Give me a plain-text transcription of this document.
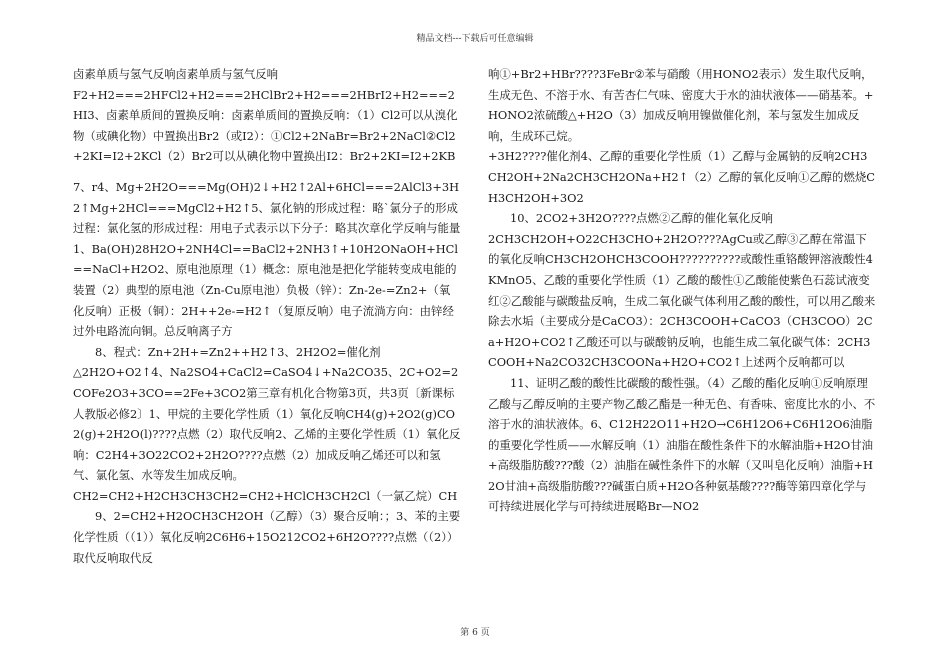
精品文档---下载后可任意编辑

卤素单质与氢气反响卤素单质与氢气反响

F2+H2===2HFCl2+H2===2HClBr2+H2===2HBrI2+H2===2HI3、卤素单质间的置换反响：卤素单质间的置换反响：（1）Cl2可以从溴化物（或碘化物）中置换出Br2（或I2）：①Cl2+2NaBr=Br2+2NaCl②Cl2+2KI=I2+2KCl（2）Br2可以从碘化物中置换出I2：Br2+2KI=I2+2KB

7、r4、Mg+2H2O===Mg(OH)2↓+H2↑2Al+6HCl===2AlCl3+3H2↑Mg+2HCl===MgCl2+H2↑5、氯化钠的形成过程：略`氯分子的形成过程：氯化氢的形成过程：用电子式表示以下分子：略其次章化学反响与能量

1、Ba(OH)28H2O+2NH4Cl==BaCl2+2NH3↑+10H2ONaOH+HCl==NaCl+H2O2、原电池原理（1）概念：原电池是把化学能转变成电能的装置（2）典型的原电池（Zn-Cu原电池）负极（锌）：Zn-2e-=Zn2+（氧化反响）正极（铜）：2H++2e-=H2↑（复原反响）电子流淌方向：由锌经过外电路流向铜。总反响离子方

8、程式：Zn+2H+=Zn2++H2↑3、2H2O2=催化剂

△2H2O+O2↑4、Na2SO4+CaCl2=CaSO4↓+Na2CO35、2C+O2=2COFe2O3+3CO==2Fe+3CO2第三章有机化合物第3页，共3页〔新课标人教版必修2〕1、甲烷的主要化学性质（1）氧化反响CH4(g)+2O2(g)CO2(g)+2H2O(l)????点燃（2）取代反响2、乙烯的主要化学性质（1）氧化反响：C2H4+3O22CO2+2H2O????点燃（2）加成反响乙烯还可以和氢气、氯化氢、水等发生加成反响。

CH2=CH2+H2CH3CH3CH2=CH2+HClCH3CH2Cl（一氯乙烷）CH

9、2=CH2+H2OCH3CH2OH（乙醇）（3）聚合反响：；3、苯的主要化学性质（（1））氧化反响2C6H6+15O212CO2+6H2O????点燃（（2））取代反响取代反

响①+Br2+HBr????3FeBr②苯与硝酸（用HONO2表示）发生取代反响，生成无色、不溶于水、有苦杏仁气味、密度大于水的油状液体——硝基苯。+HONO2浓硫酸△+H2O（3）加成反响用镍做催化剂，苯与氢发生加成反响，生成环己烷。

+3H2????催化剂4、乙醇的重要化学性质（1）乙醇与金属钠的反响2CH3CH2OH+2Na2CH3CH2ONa+H2↑（2）乙醇的氧化反响①乙醇的燃烧CH3CH2OH+3O2

10、2CO2+3H2O????点燃②乙醇的催化氧化反响

2CH3CH2OH+O22CH3CHO+2H2O????AgCu或乙醇③乙醇在常温下的氧化反响CH3CH2OHCH3COOH??????????或酸性重铬酸钾溶液酸性4KMnO5、乙酸的重要化学性质（1）乙酸的酸性①乙酸能使紫色石蕊试液变红②乙酸能与碳酸盐反响，生成二氧化碳气体利用乙酸的酸性，可以用乙酸来除去水垢（主要成分是CaCO3）：2CH3COOH+CaCO3（CH3COO）2Ca+H2O+CO2↑乙酸还可以与碳酸钠反响，也能生成二氧化碳气体：2CH3COOH+Na2CO32CH3COONa+H2O+CO2↑上述两个反响都可以

11、证明乙酸的酸性比碳酸的酸性强。（4）乙酸的酯化反响①反响原理乙酸与乙醇反响的主要产物乙酸乙酯是一种无色、有香味、密度比水的小、不溶于水的油状液体。6、C12H22O11+H2O→C6H12O6+C6H12O6油脂的重要化学性质——水解反响（1）油脂在酸性条件下的水解油脂+H2O甘油+高级脂肪酸???酸（2）油脂在碱性条件下的水解（又叫皂化反响）油脂+H2O甘油+高级脂肪酸???碱蛋白质+H2O各种氨基酸????酶等第四章化学与可持续进展化学与可持续进展略Br—NO2

第 6 页
